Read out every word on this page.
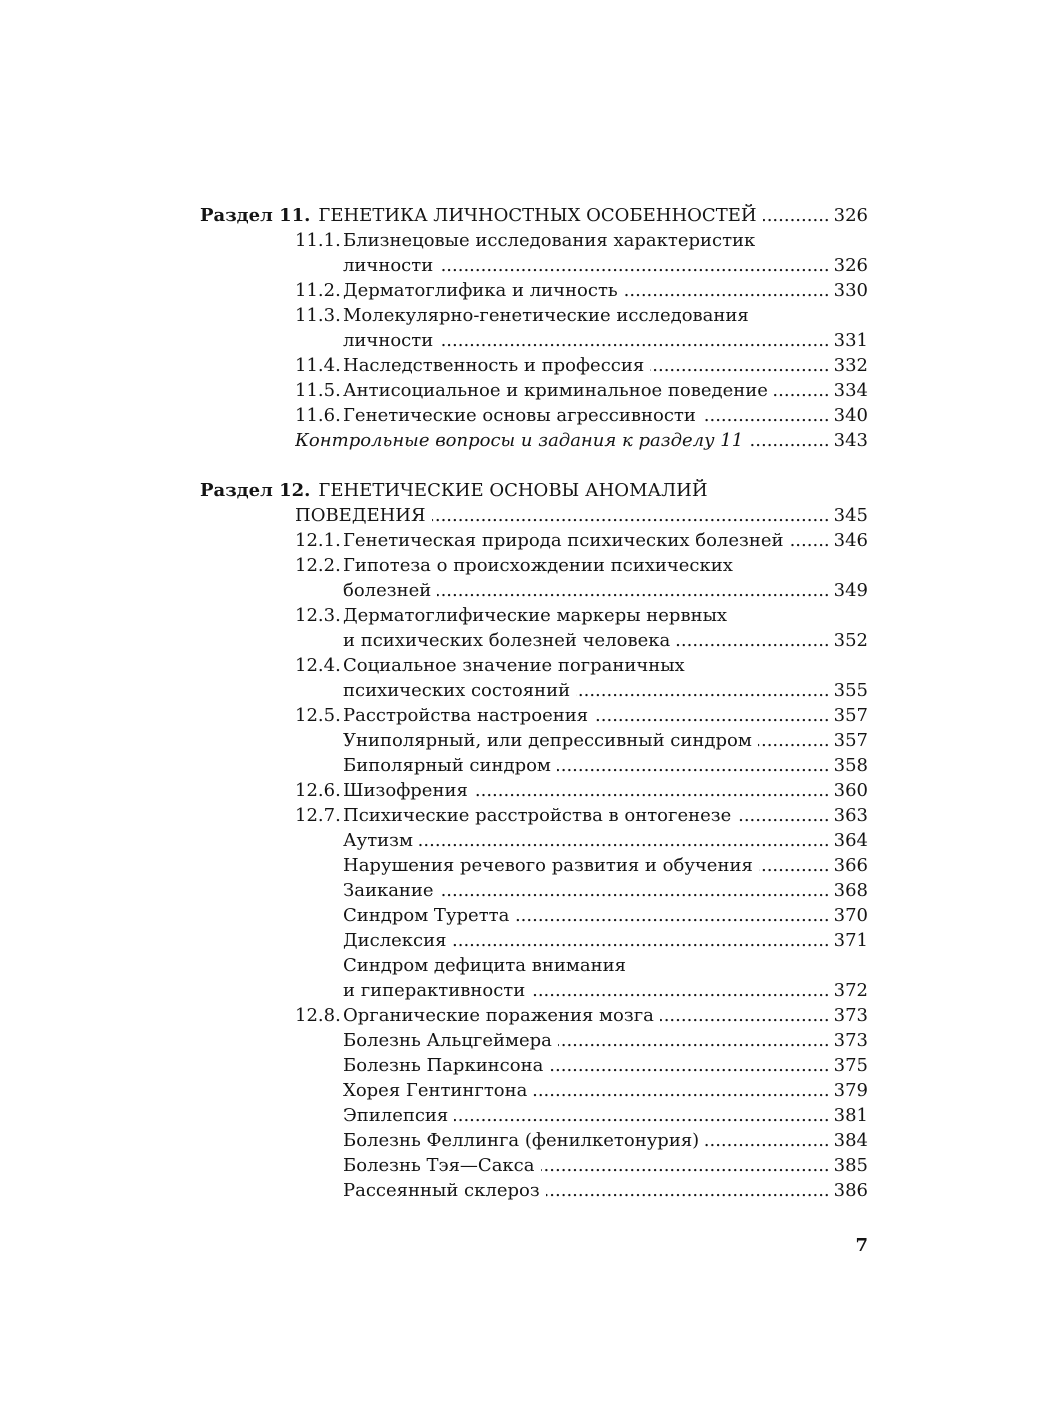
Раздел 11. ГЕНЕТИКА ЛИЧНОСТНЫХ ОСОБЕННОСТЕЙ .....	326
11.1. Близнецовые исследования характеристик
личности .....	326
11.2. Дерматоглифика и личность .....	330
11.3. Молекулярно-генетические исследования
личности .....	331
11.4. Наследственность и профессия .....	332
11.5. Антисоциальное и криминальное поведение .....	334
11.6. Генетические основы агрессивности .....	340
Контрольные вопросы и задания к разделу 11 .....	343
Раздел 12. ГЕНЕТИЧЕСКИЕ ОСНОВЫ АНОМАЛИЙ
ПОВЕДЕНИЯ .....	345
12.1. Генетическая природа психических болезней .....	346
12.2. Гипотеза о происхождении психических
болезней .....	349
12.3. Дерматоглифические маркеры нервных
и психических болезней человека .....	352
12.4. Социальное значение пограничных
психических состояний .....	355
12.5. Расстройства настроения .....	357
Униполярный, или депрессивный синдром .....	357
Биполярный синдром .....	358
12.6. Шизофрения .....	360
12.7. Психические расстройства в онтогенезе .....	363
Аутизм .....	364
Нарушения речевого развития и обучения .....	366
Заикание .....	368
Синдром Туретта .....	370
Дислексия .....	371
Синдром дефицита внимания
и гиперактивности .....	372
12.8. Органические поражения мозга .....	373
Болезнь Альцгеймера .....	373
Болезнь Паркинсона .....	375
Хорея Гентингтона .....	379
Эпилепсия .....	381
Болезнь Феллинга (фенилкетонурия) .....	384
Болезнь Тэя—Сакса .....	385
Рассеянный склероз .....	386
7
